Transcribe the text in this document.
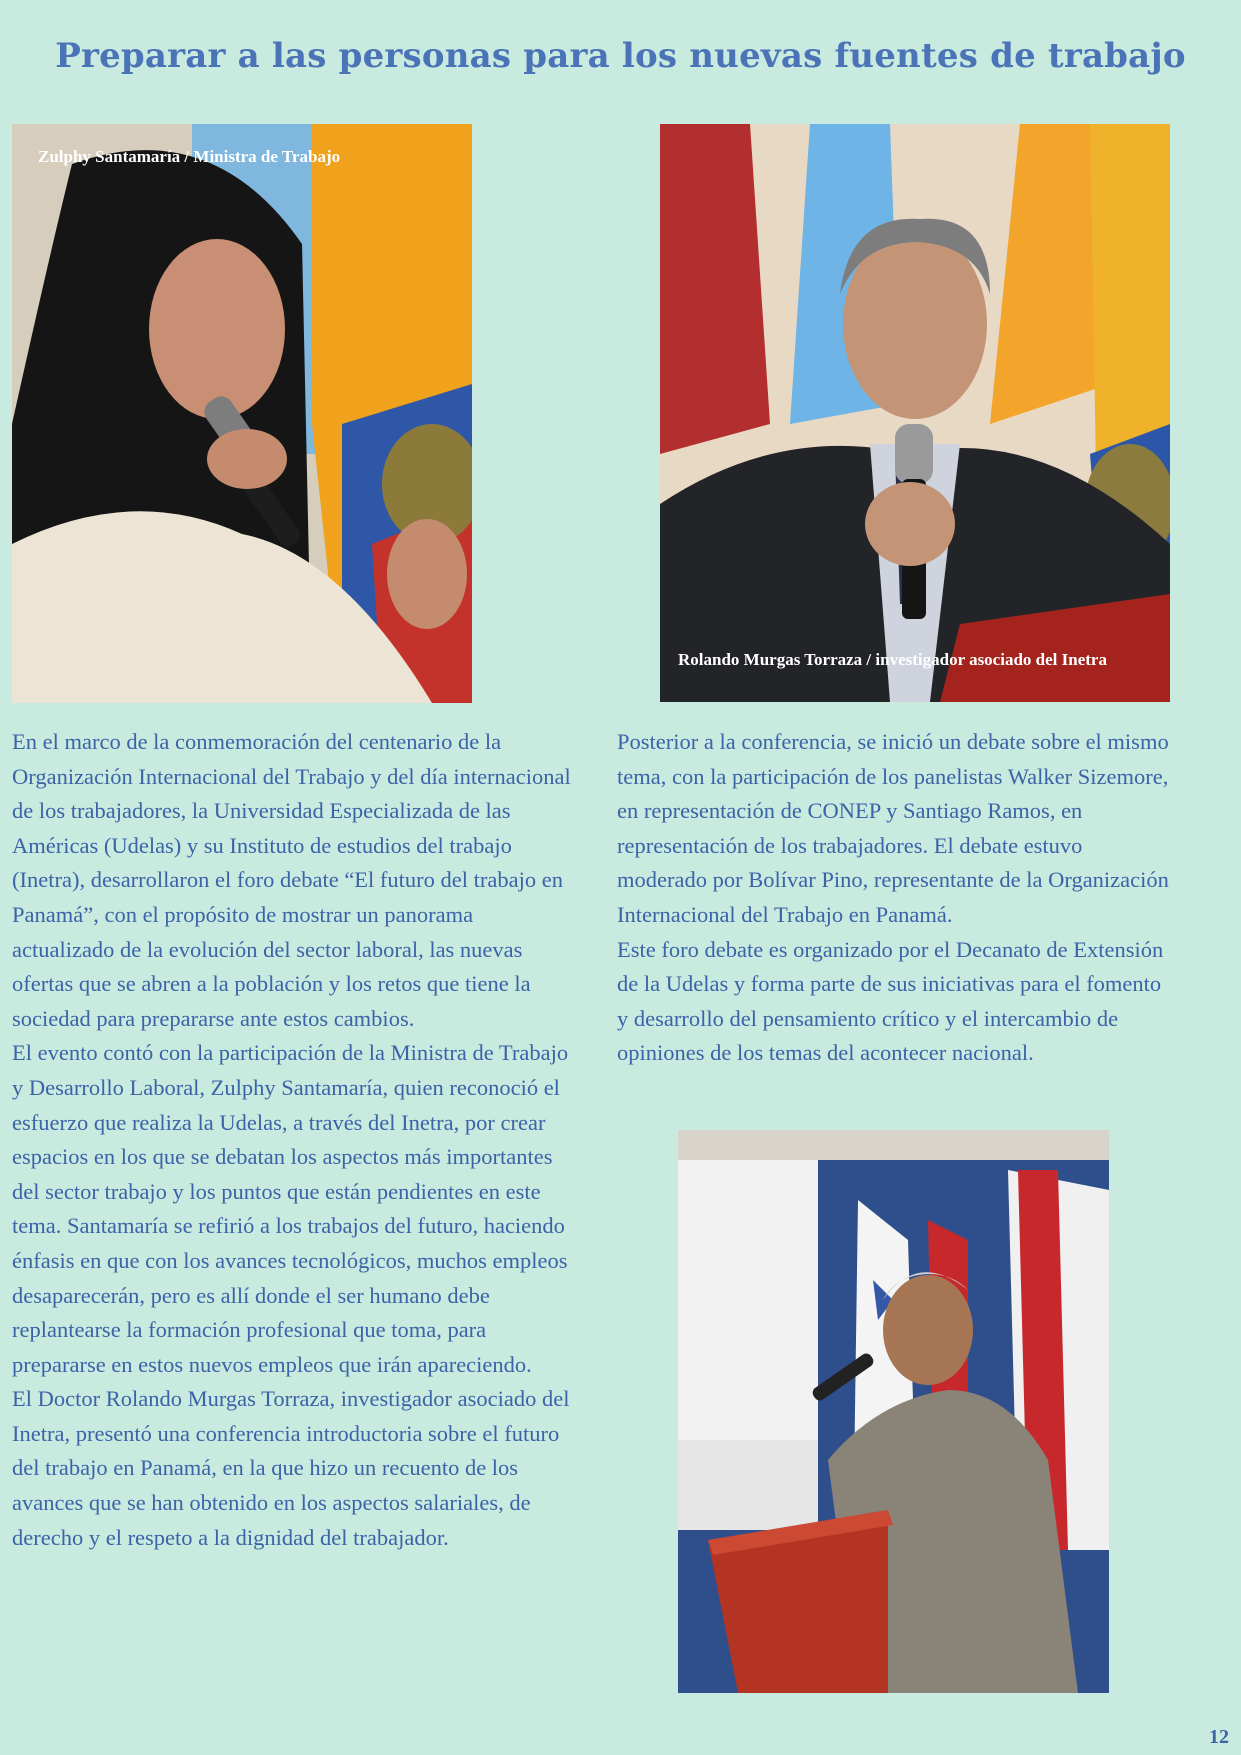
Preparar a las personas para los nuevas fuentes de trabajo
Zulphy Santamaría / Ministra de Trabajo
Rolando Murgas Torraza / investigador asociado del Inetra

En el marco de la conmemoración del centenario de la Organización Internacional del Trabajo y del día internacional de los trabajadores, la Universidad Especializada de las Américas (Udelas) y su Instituto de estudios del trabajo (Inetra), desarrollaron el foro debate “El futuro del trabajo en Panamá”, con el propósito de mostrar un panorama actualizado de la evolución del sector laboral, las nuevas ofertas que se abren a la población y los retos que tiene la sociedad para prepararse ante estos cambios.

El evento contó con la participación de la Ministra de Trabajo y Desarrollo Laboral, Zulphy Santamaría, quien reconoció el esfuerzo que realiza la Udelas, a través del Inetra, por crear espacios en los que se debatan los aspectos más importantes del sector trabajo y los puntos que están pendientes en este tema. Santamaría se refirió a los trabajos del futuro, haciendo énfasis en que con los avances tecnológicos, muchos empleos desaparecerán, pero es allí donde el ser humano debe replantearse la formación profesional que toma, para prepararse en estos nuevos empleos que irán apareciendo.

El Doctor Rolando Murgas Torraza, investigador asociado del Inetra, presentó una conferencia introductoria sobre el futuro del trabajo en Panamá, en la que hizo un recuento de los avances que se han obtenido en los aspectos salariales, de derecho y el respeto a la dignidad del trabajador.

Posterior a la conferencia, se inició un debate sobre el mismo tema, con la participación de los panelistas Walker Sizemore, en representación de CONEP y Santiago Ramos, en representación de los trabajadores. El debate estuvo moderado por Bolívar Pino, representante de la Organización Internacional del Trabajo en Panamá.

Este foro debate es organizado por el Decanato de Extensión de la Udelas y forma parte de sus iniciativas para el fomento y desarrollo del pensamiento crítico y el intercambio de opiniones de los temas del acontecer nacional.

12
